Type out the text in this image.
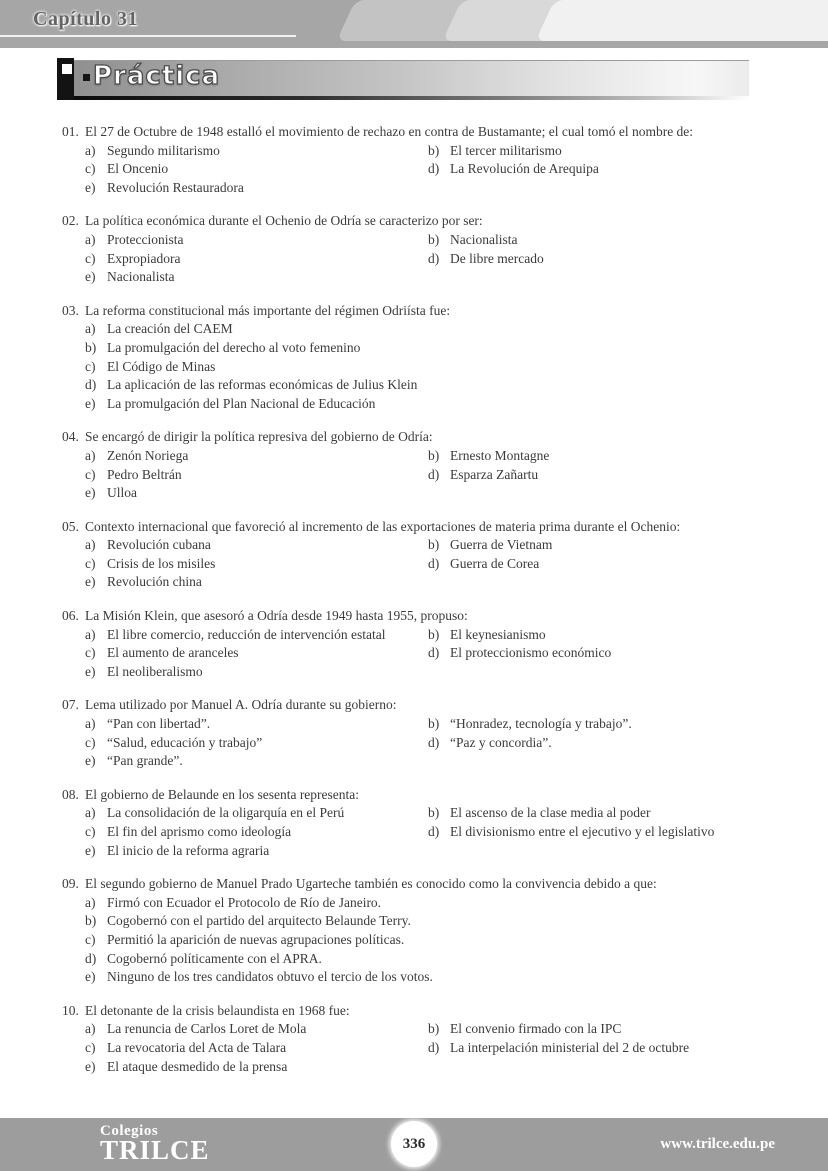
Capítulo 31
Práctica
01. El 27 de Octubre de 1948 estalló el movimiento de rechazo en contra de Bustamante; el cual tomó el nombre de:
a) Segundo militarismo	b) El tercer militarismo
c) El Oncenio	d) La Revolución de Arequipa
e) Revolución Restauradora
02. La política económica durante el Ochenio de Odría se caracterizo por ser:
a) Proteccionista	b) Nacionalista
c) Expropiadora	d) De libre mercado
e) Nacionalista
03. La reforma constitucional más importante del régimen Odriísta fue:
a) La creación del CAEM
b) La promulgación del derecho al voto femenino
c) El Código de Minas
d) La aplicación de las reformas económicas de Julius Klein
e) La promulgación del Plan Nacional de Educación
04. Se encargó de dirigir la política represiva del gobierno de Odría:
a) Zenón Noriega	b) Ernesto Montagne
c) Pedro Beltrán	d) Esparza Zañartu
e) Ulloa
05. Contexto internacional que favoreció al incremento de las exportaciones de materia prima durante el Ochenio:
a) Revolución cubana	b) Guerra de Vietnam
c) Crisis de los misiles	d) Guerra de Corea
e) Revolución china
06. La Misión Klein, que asesoró a Odría desde 1949 hasta 1955, propuso:
a) El libre comercio, reducción de intervención estatal	b) El keynesianismo
c) El aumento de aranceles	d) El proteccionismo económico
e) El neoliberalismo
07. Lema utilizado por Manuel A. Odría durante su gobierno:
a) “Pan con libertad”.	b) “Honradez, tecnología y trabajo”.
c) “Salud, educación y trabajo”	d) “Paz y concordia”.
e) “Pan grande”.
08. El gobierno de Belaunde en los sesenta representa:
a) La consolidación de la oligarquía en el Perú	b) El ascenso de la clase media al poder
c) El fin del aprismo como ideología	d) El divisionismo entre el ejecutivo y el legislativo
e) El inicio de la reforma agraria
09. El segundo gobierno de Manuel Prado Ugarteche también es conocido como la convivencia debido a que:
a) Firmó con Ecuador el Protocolo de Río de Janeiro.
b) Cogobernó con el partido del arquitecto Belaunde Terry.
c) Permitió la aparición de nuevas agrupaciones políticas.
d) Cogobernó políticamente con el APRA.
e) Ninguno de los tres candidatos obtuvo el tercio de los votos.
10. El detonante de la crisis belaundista en 1968 fue:
a) La renuncia de Carlos Loret de Mola	b) El convenio firmado con la IPC
c) La revocatoria del Acta de Talara	d) La interpelación ministerial del 2 de octubre
e) El ataque desmedido de la prensa
Colegios
TRILCE	336	www.trilce.edu.pe
